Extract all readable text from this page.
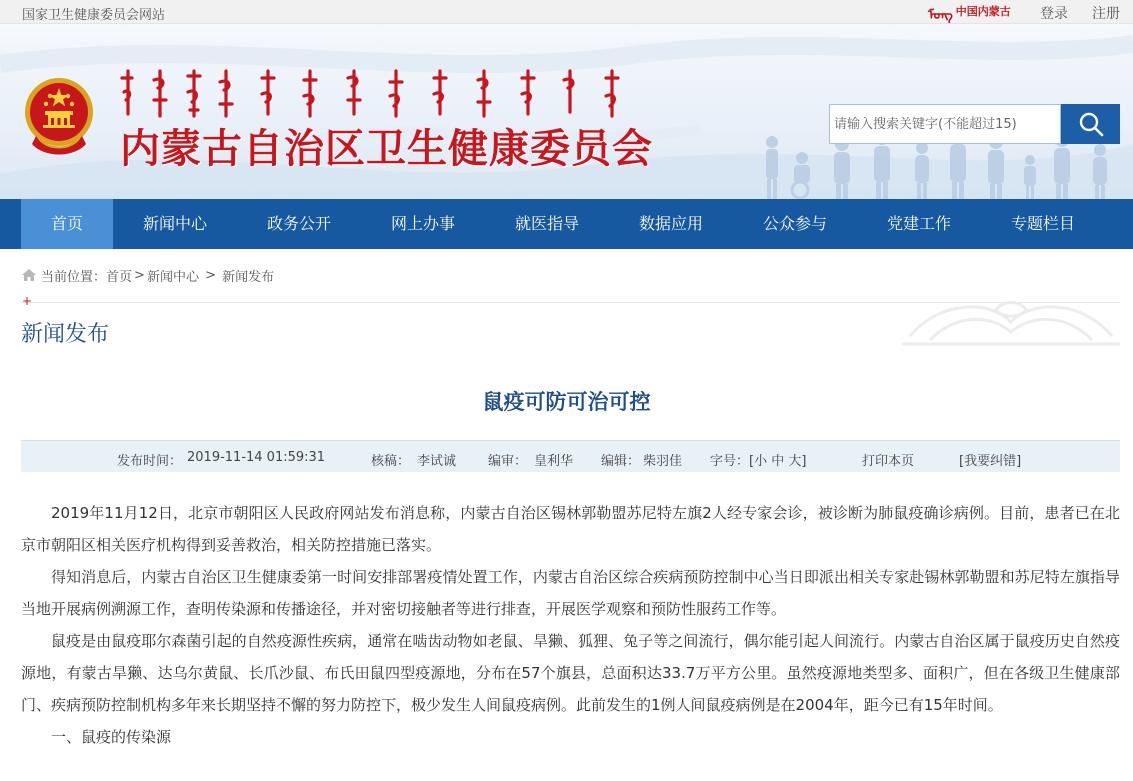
国家卫生健康委员会网站	ᠮᠣᠩ 中国内蒙古 登录 注册
内蒙古自治区卫生健康委员会
请输入搜索关键字(不能超过15)
首页	新闻中心	政务公开	网上办事	就医指导	数据应用	公众参与	党建工作	专题栏目
当前位置： 首页 > 新闻中心 > 新闻发布
+
新闻发布
鼠疫可防可治可控
发布时间： 2019-11-14 01:59:31	核稿： 李试诚 编审： 皇利华 编辑： 柴羽佳 字号： [小 中 大]	打印本页	[我要纠错]

2019年11月12日，北京市朝阳区人民政府网站发布消息称，内蒙古自治区锡林郭勒盟苏尼特左旗2人经专家会诊，被诊断为肺鼠疫确诊病例。目前，患者已在北京市朝阳区相关医疗机构得到妥善救治，相关防控措施已落实。

得知消息后，内蒙古自治区卫生健康委第一时间安排部署疫情处置工作，内蒙古自治区综合疾病预防控制中心当日即派出相关专家赴锡林郭勒盟和苏尼特左旗指导当地开展病例溯源工作，查明传染源和传播途径，并对密切接触者等进行排查，开展医学观察和预防性服药工作等。

鼠疫是由鼠疫耶尔森菌引起的自然疫源性疾病，通常在啮齿动物如老鼠、旱獭、狐狸、兔子等之间流行，偶尔能引起人间流行。内蒙古自治区属于鼠疫历史自然疫源地，有蒙古旱獭、达乌尔黄鼠、长爪沙鼠、布氏田鼠四型疫源地，分布在57个旗县，总面积达33.7万平方公里。虽然疫源地类型多、面积广，但在各级卫生健康部门、疾病预防控制机构多年来长期坚持不懈的努力防控下，极少发生人间鼠疫病例。此前发生的1例人间鼠疫病例是在2004年，距今已有15年时间。

一、鼠疫的传染源
